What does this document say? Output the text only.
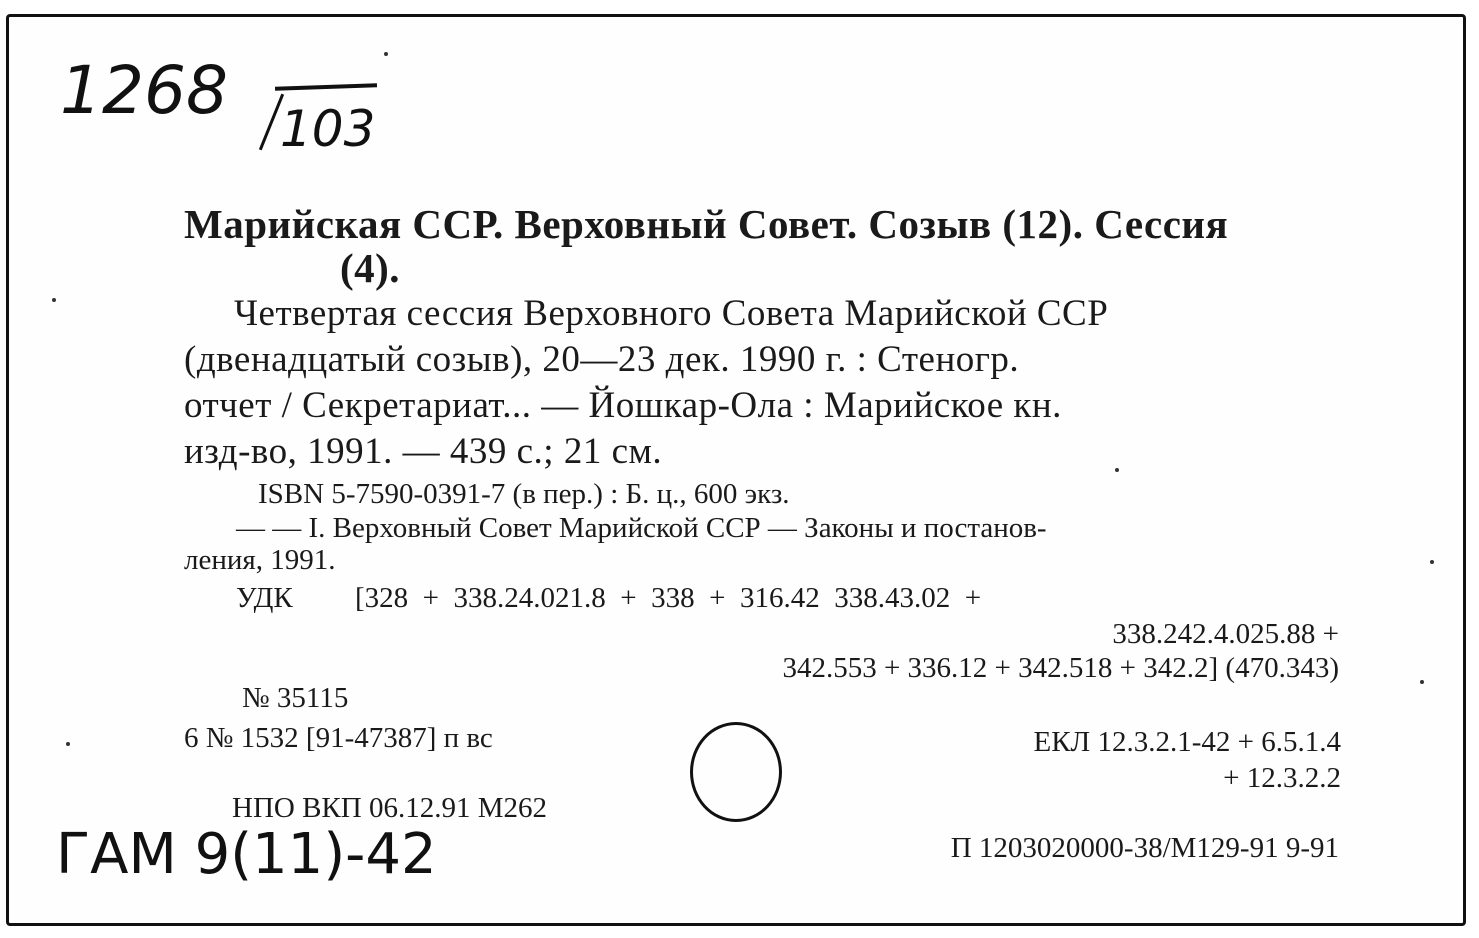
1268 103
Марийская ССР. Верховный Совет. Созыв (12). Сессия
(4).
Четвертая сессия Верховного Совета Марийской ССР
(двенадцатый созыв), 20—23 дек. 1990 г. : Стеногр.
отчет / Секретариат... — Йошкар-Ола : Марийское кн.
изд-во, 1991. — 439 с.; 21 см.
ISBN 5-7590-0391-7 (в пер.) : Б. ц., 600 экз.
— — I. Верховный Совет Марийской ССР — Законы и постанов-
ления, 1991.
УДК [328  +  338.24.021.8  +  338  +  316.42  338.43.02  +
338.242.4.025.88 +
342.553 + 336.12 + 342.518 + 342.2] (470.343)
№ 35115
6 № 1532 [91-47387] п вс	ЕКЛ 12.3.2.1-42 + 6.5.1.4
+ 12.3.2.2
НПО ВКП 06.12.91 М262
П 1203020000-38/М129-91 9-91
ГАМ 9(11)-42
